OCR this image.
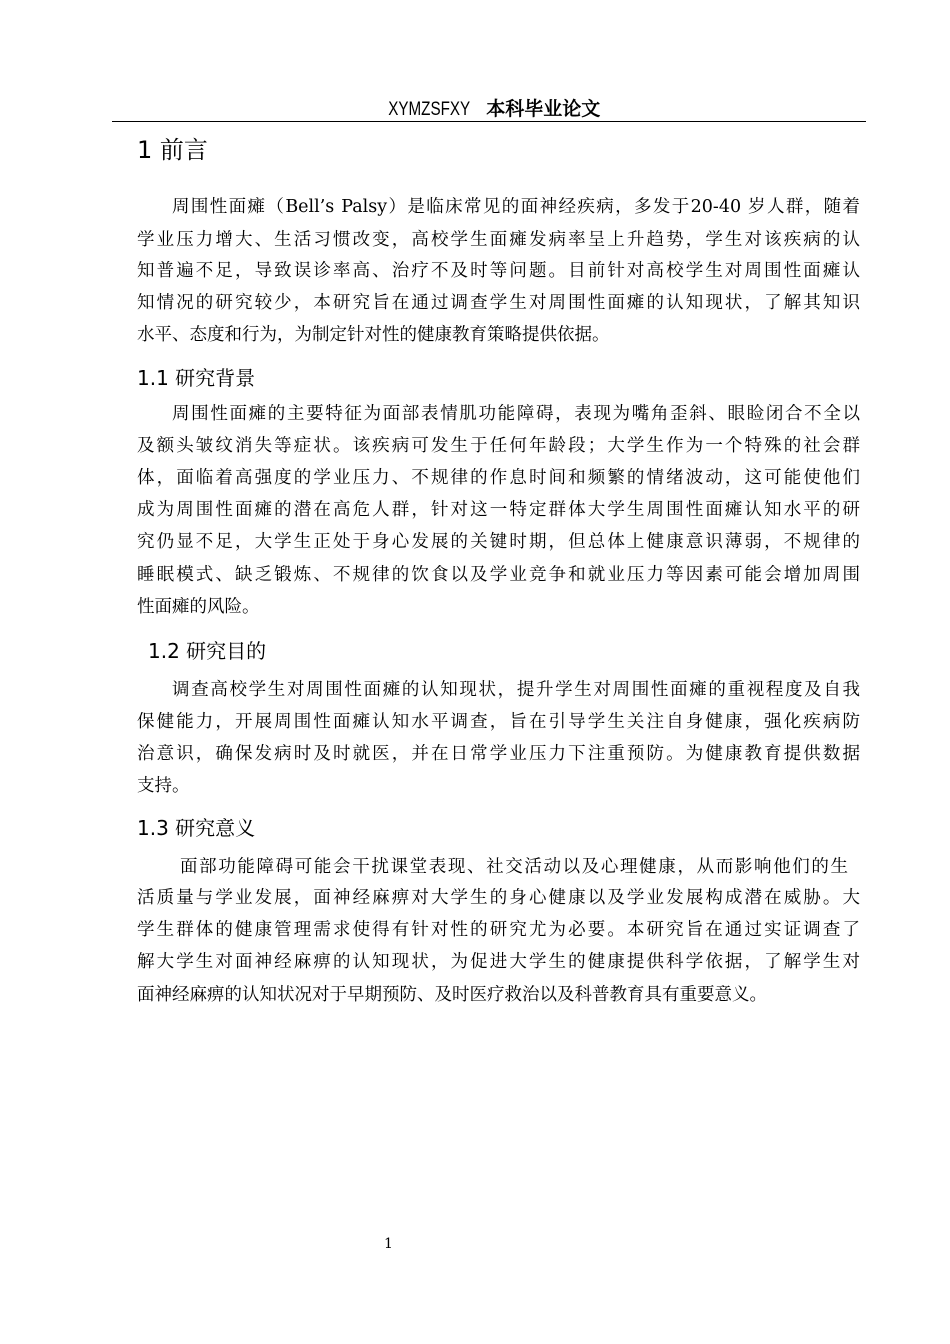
XYMZSFXY 本科毕业论文
1 前言
周围性面瘫（Bell’s Palsy）是临床常见的面神经疾病，多发于20-40 岁人群，随着
学业压力增大、生活习惯改变，高校学生面瘫发病率呈上升趋势，学生对该疾病的认
知普遍不足，导致误诊率高、治疗不及时等问题。目前针对高校学生对周围性面瘫认
知情况的研究较少，本研究旨在通过调查学生对周围性面瘫的认知现状，了解其知识
水平、态度和行为，为制定针对性的健康教育策略提供依据。
1.1 研究背景
周围性面瘫的主要特征为面部表情肌功能障碍，表现为嘴角歪斜、眼睑闭合不全以
及额头皱纹消失等症状。该疾病可发生于任何年龄段；大学生作为一个特殊的社会群
体，面临着高强度的学业压力、不规律的作息时间和频繁的情绪波动，这可能使他们
成为周围性面瘫的潜在高危人群，针对这一特定群体大学生周围性面瘫认知水平的研
究仍显不足，大学生正处于身心发展的关键时期，但总体上健康意识薄弱，不规律的
睡眠模式、缺乏锻炼、不规律的饮食以及学业竞争和就业压力等因素可能会增加周围
性面瘫的风险。
1.2 研究目的
调查高校学生对周围性面瘫的认知现状，提升学生对周围性面瘫的重视程度及自我
保健能力，开展周围性面瘫认知水平调查，旨在引导学生关注自身健康，强化疾病防
治意识，确保发病时及时就医，并在日常学业压力下注重预防。为健康教育提供数据
支持。
1.3 研究意义
面部功能障碍可能会干扰课堂表现、社交活动以及心理健康，从而影响他们的生
活质量与学业发展，面神经麻痹对大学生的身心健康以及学业发展构成潜在威胁。大
学生群体的健康管理需求使得有针对性的研究尤为必要。本研究旨在通过实证调查了
解大学生对面神经麻痹的认知现状，为促进大学生的健康提供科学依据，了解学生对
面神经麻痹的认知状况对于早期预防、及时医疗救治以及科普教育具有重要意义。
1
